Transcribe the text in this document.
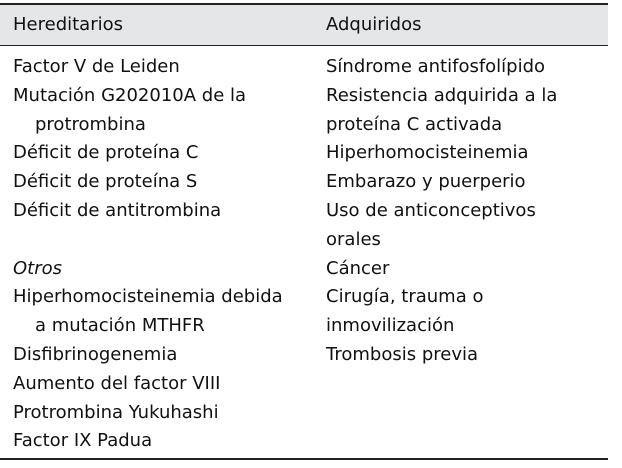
Hereditarios	Adquiridos
Factor V de Leiden
Mutación G202010A de la
protrombina
Déficit de proteína C
Déficit de proteína S
Déficit de antitrombina
Otros
Hiperhomocisteinemia debida
a mutación MTHFR
Disfibrinogenemia
Aumento del factor VIII
Protrombina Yukuhashi
Factor IX Padua
Síndrome antifosfolípido
Resistencia adquirida a la
proteína C activada
Hiperhomocisteinemia
Embarazo y puerperio
Uso de anticonceptivos
orales
Cáncer
Cirugía, trauma o
inmovilización
Trombosis previa
